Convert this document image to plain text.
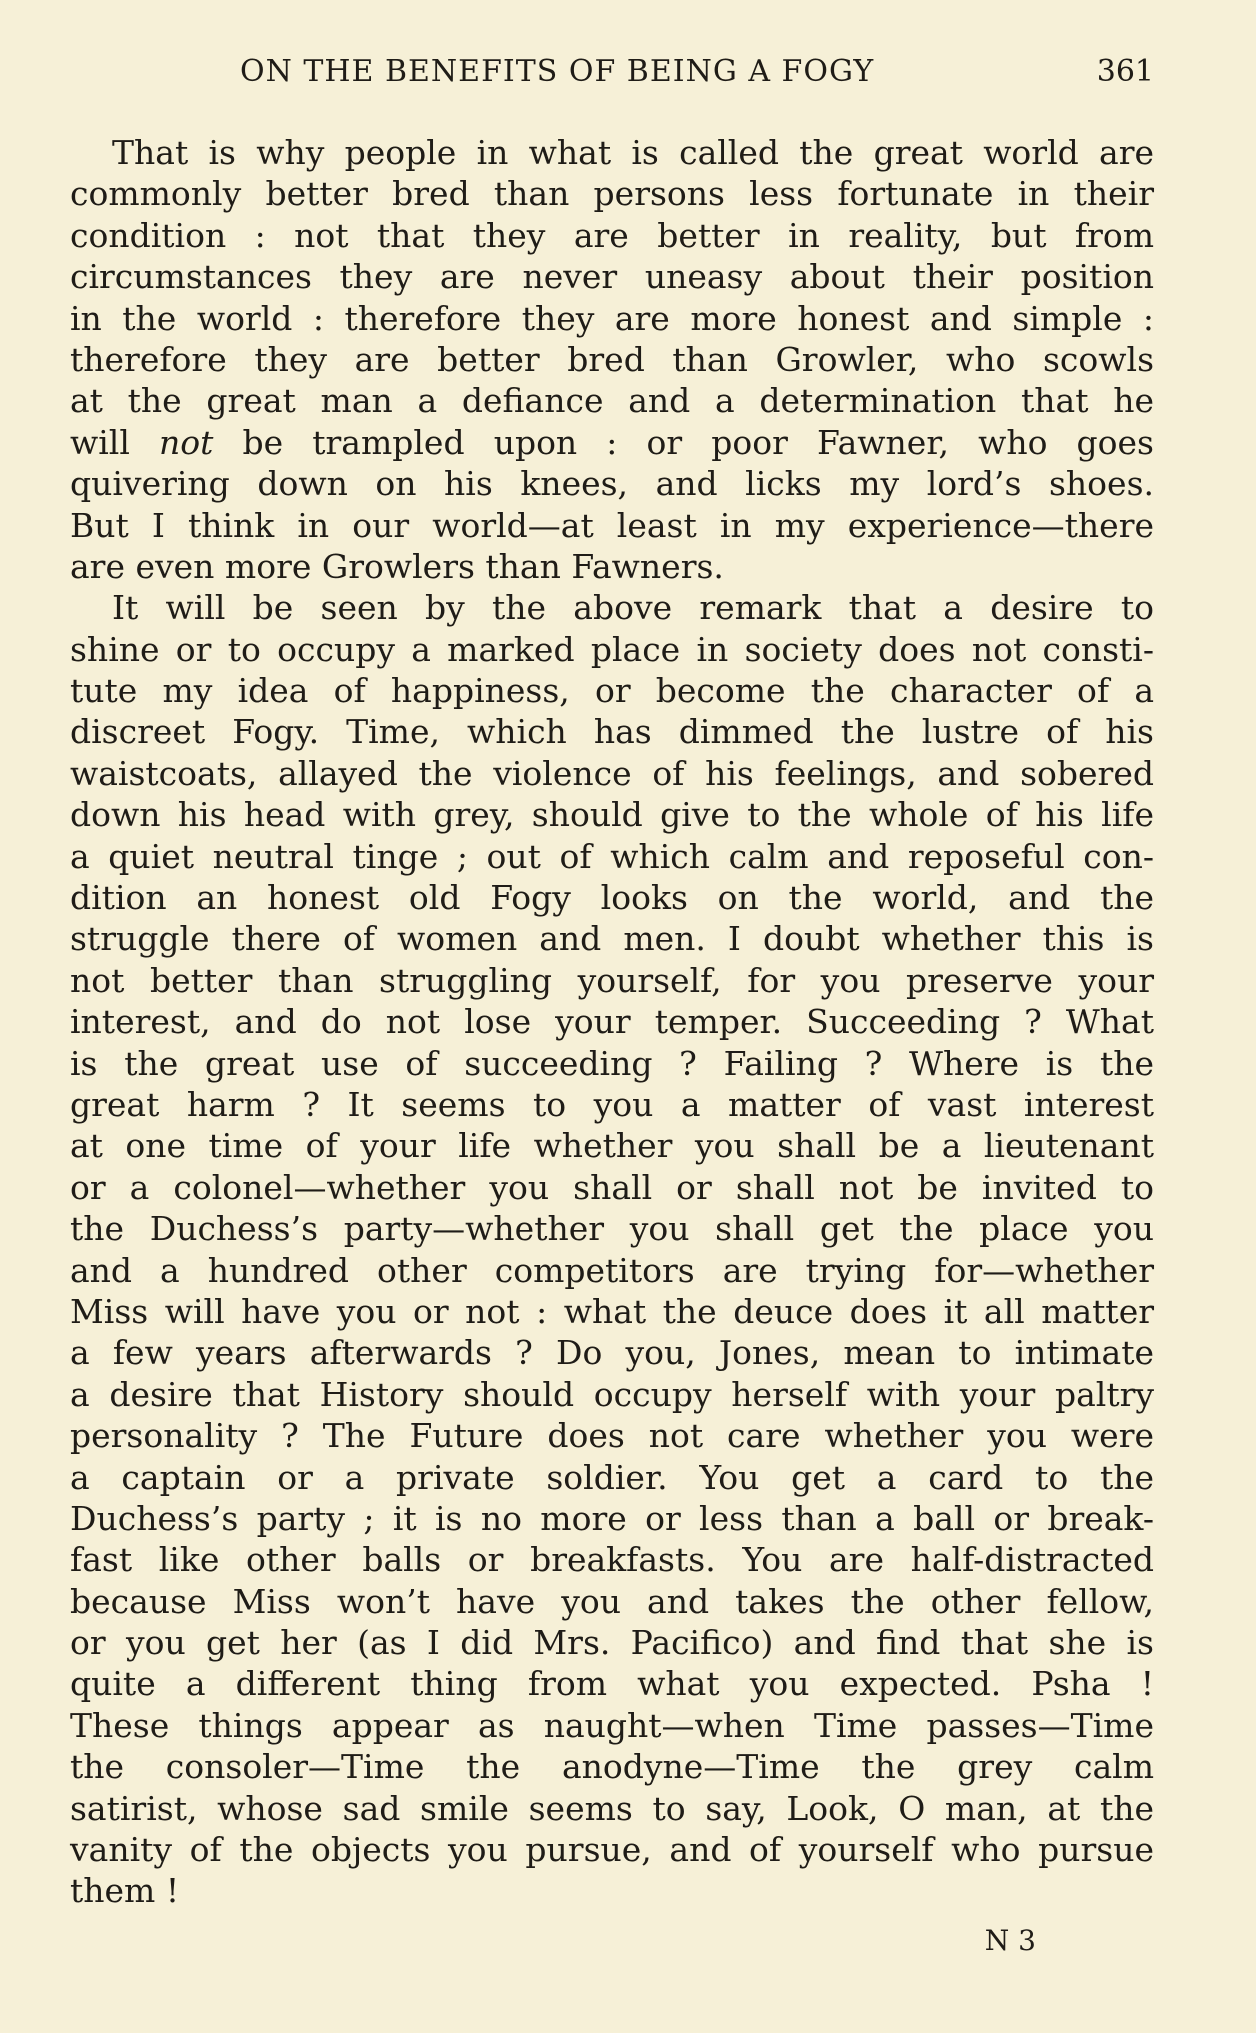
ON THE BENEFITS OF BEING A FOGY	361
That is why people in what is called the great world are
commonly better bred than persons less fortunate in their
condition : not that they are better in reality, but from
circumstances they are never uneasy about their position
in the world : therefore they are more honest and simple :
therefore they are better bred than Growler, who scowls
at the great man a defiance and a determination that he
will not be trampled upon : or poor Fawner, who goes
quivering down on his knees, and licks my lord’s shoes.
But I think in our world—at least in my experience—there
are even more Growlers than Fawners.
It will be seen by the above remark that a desire to
shine or to occupy a marked place in society does not consti-
tute my idea of happiness, or become the character of a
discreet Fogy. Time, which has dimmed the lustre of his
waistcoats, allayed the violence of his feelings, and sobered
down his head with grey, should give to the whole of his life
a quiet neutral tinge ; out of which calm and reposeful con-
dition an honest old Fogy looks on the world, and the
struggle there of women and men. I doubt whether this is
not better than struggling yourself, for you preserve your
interest, and do not lose your temper. Succeeding ? What
is the great use of succeeding ? Failing ? Where is the
great harm ? It seems to you a matter of vast interest
at one time of your life whether you shall be a lieutenant
or a colonel—whether you shall or shall not be invited to
the Duchess’s party—whether you shall get the place you
and a hundred other competitors are trying for—whether
Miss will have you or not : what the deuce does it all matter
a few years afterwards ? Do you, Jones, mean to intimate
a desire that History should occupy herself with your paltry
personality ? The Future does not care whether you were
a captain or a private soldier. You get a card to the
Duchess’s party ; it is no more or less than a ball or break-
fast like other balls or breakfasts. You are half-distracted
because Miss won’t have you and takes the other fellow,
or you get her (as I did Mrs. Pacifico) and find that she is
quite a different thing from what you expected. Psha !
These things appear as naught—when Time passes—Time
the consoler—Time the anodyne—Time the grey calm
satirist, whose sad smile seems to say, Look, O man, at the
vanity of the objects you pursue, and of yourself who pursue
them !
N 3
